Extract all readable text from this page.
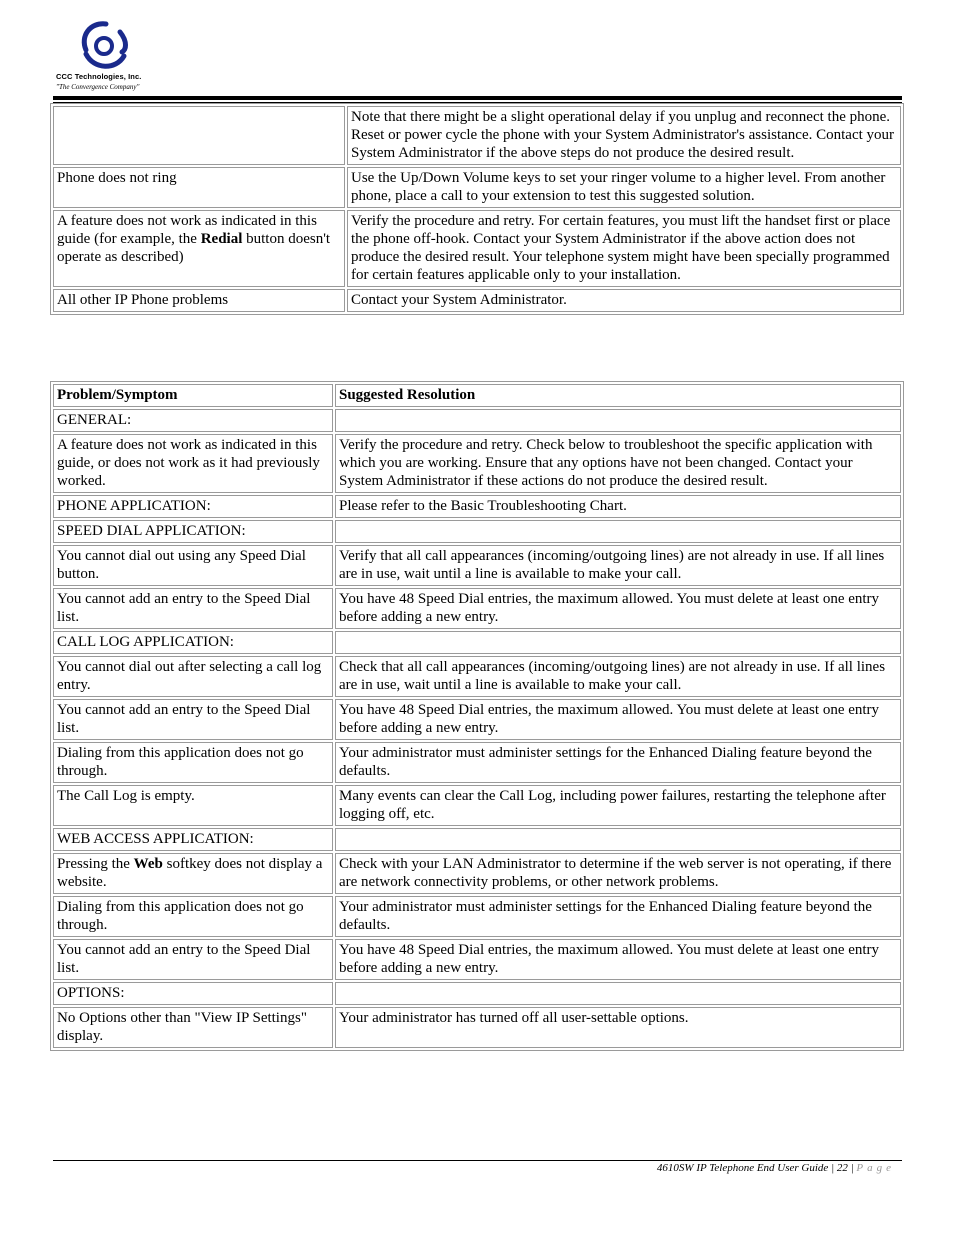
CCC Technologies, Inc.
"The Convergence Company"
	Note that there might be a slight operational delay if you unplug and reconnect the phone. Reset or power cycle the phone with your System Administrator's assistance. Contact your System Administrator if the above steps do not produce the desired result.
Phone does not ring	Use the Up/Down Volume keys to set your ringer volume to a higher level. From another phone, place a call to your extension to test this suggested solution.
A feature does not work as indicated in this guide (for example, the Redial button doesn't operate as described)	Verify the procedure and retry. For certain features, you must lift the handset first or place the phone off-hook. Contact your System Administrator if the above action does not produce the desired result. Your telephone system might have been specially programmed for certain features applicable only to your installation.
All other IP Phone problems	Contact your System Administrator.
Problem/Symptom	Suggested Resolution
GENERAL:	
A feature does not work as indicated in this guide, or does not work as it had previously worked.	Verify the procedure and retry. Check below to troubleshoot the specific application with which you are working. Ensure that any options have not been changed. Contact your System Administrator if these actions do not produce the desired result.
PHONE APPLICATION:	Please refer to the Basic Troubleshooting Chart.
SPEED DIAL APPLICATION:	
You cannot dial out using any Speed Dial button.	Verify that all call appearances (incoming/outgoing lines) are not already in use. If all lines are in use, wait until a line is available to make your call.
You cannot add an entry to the Speed Dial list.	You have 48 Speed Dial entries, the maximum allowed. You must delete at least one entry before adding a new entry.
CALL LOG APPLICATION:	
You cannot dial out after selecting a call log entry.	Check that all call appearances (incoming/outgoing lines) are not already in use. If all lines are in use, wait until a line is available to make your call.
You cannot add an entry to the Speed Dial list.	You have 48 Speed Dial entries, the maximum allowed. You must delete at least one entry before adding a new entry.
Dialing from this application does not go through.	Your administrator must administer settings for the Enhanced Dialing feature beyond the defaults.
The Call Log is empty.	Many events can clear the Call Log, including power failures, restarting the telephone after logging off, etc.
WEB ACCESS APPLICATION:	
Pressing the Web softkey does not display a website.	Check with your LAN Administrator to determine if the web server is not operating, if there are network connectivity problems, or other network problems.
Dialing from this application does not go through.	Your administrator must administer settings for the Enhanced Dialing feature beyond the defaults.
You cannot add an entry to the Speed Dial list.	You have 48 Speed Dial entries, the maximum allowed. You must delete at least one entry before adding a new entry.
OPTIONS:	
No Options other than "View IP Settings" display.	Your administrator has turned off all user-settable options.
4610SW IP Telephone End User Guide | 22 | Page
